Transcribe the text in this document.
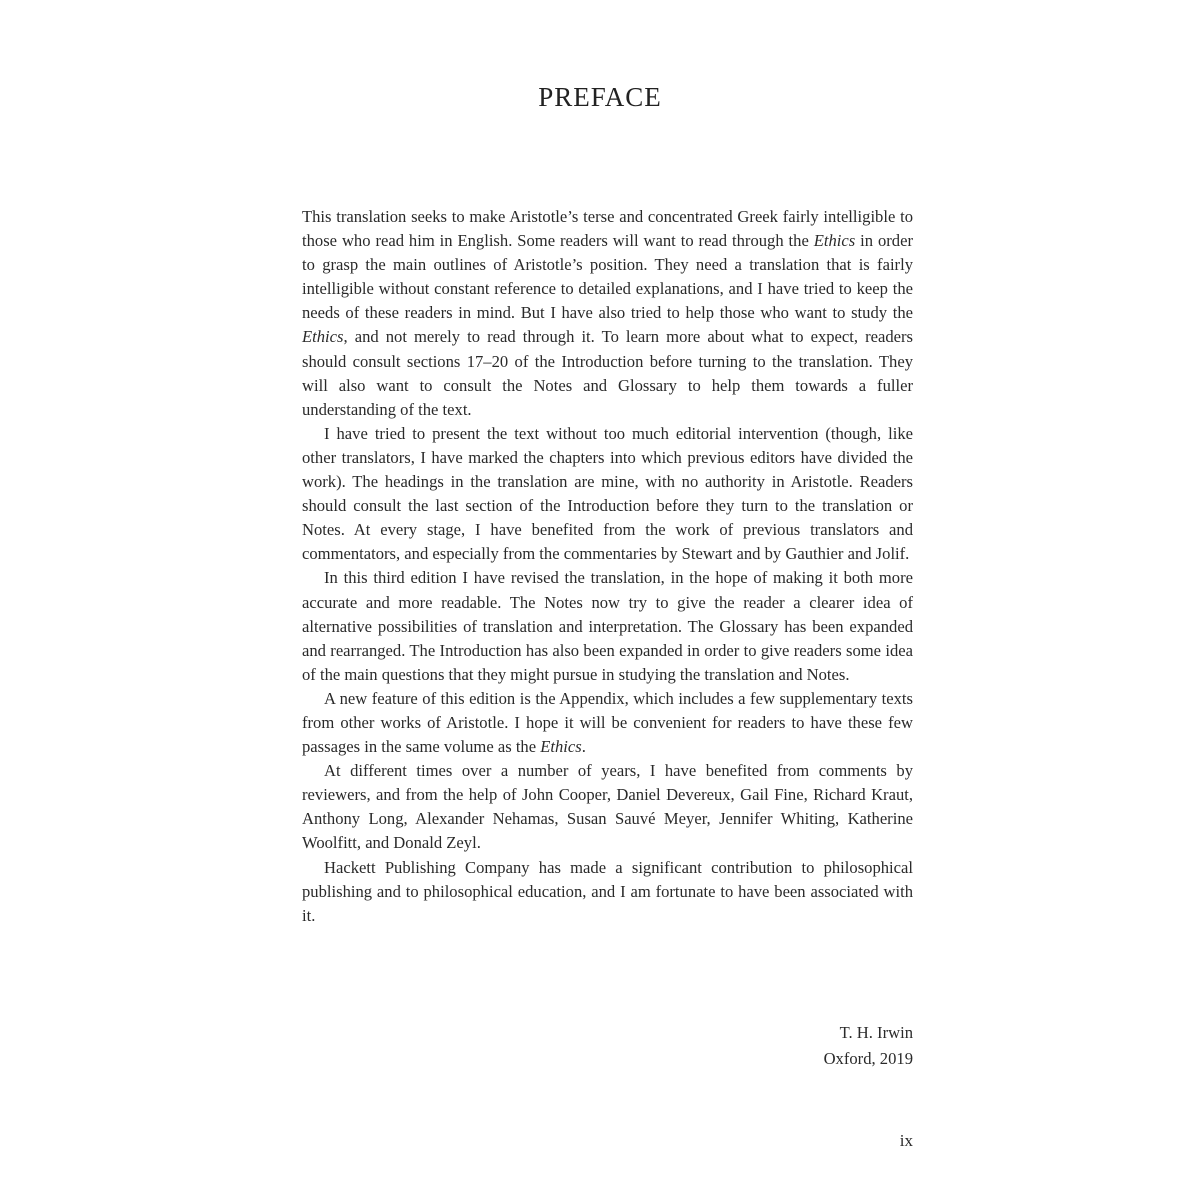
PREFACE

This translation seeks to make Aristotle’s terse and concentrated Greek fairly intelligible to those who read him in English. Some readers will want to read through the Ethics in order to grasp the main outlines of Aristotle’s position. They need a translation that is fairly intelligible without constant reference to detailed explanations, and I have tried to keep the needs of these readers in mind. But I have also tried to help those who want to study the Ethics, and not merely to read through it. To learn more about what to expect, readers should consult sections 17–20 of the Introduction before turning to the translation. They will also want to consult the Notes and Glossary to help them towards a fuller understanding of the text.

I have tried to present the text without too much editorial intervention (though, like other translators, I have marked the chapters into which previous editors have divided the work). The headings in the translation are mine, with no authority in Aristotle. Readers should consult the last section of the Introduction before they turn to the translation or Notes. At every stage, I have benefited from the work of previous translators and commentators, and especially from the commentaries by Stewart and by Gauthier and Jolif.

In this third edition I have revised the translation, in the hope of making it both more accurate and more readable. The Notes now try to give the reader a clearer idea of alternative possibilities of translation and interpretation. The Glossary has been expanded and rearranged. The Introduction has also been expanded in order to give readers some idea of the main questions that they might pursue in studying the translation and Notes.

A new feature of this edition is the Appendix, which includes a few supplementary texts from other works of Aristotle. I hope it will be convenient for readers to have these few passages in the same volume as the Ethics.

At different times over a number of years, I have benefited from comments by reviewers, and from the help of John Cooper, Daniel Devereux, Gail Fine, Richard Kraut, Anthony Long, Alexander Nehamas, Susan Sauvé Meyer, Jennifer Whiting, Katherine Woolfitt, and Donald Zeyl.

Hackett Publishing Company has made a significant contribution to philosophical publishing and to philosophical education, and I am fortunate to have been associated with it.

T. H. Irwin
Oxford, 2019
ix
